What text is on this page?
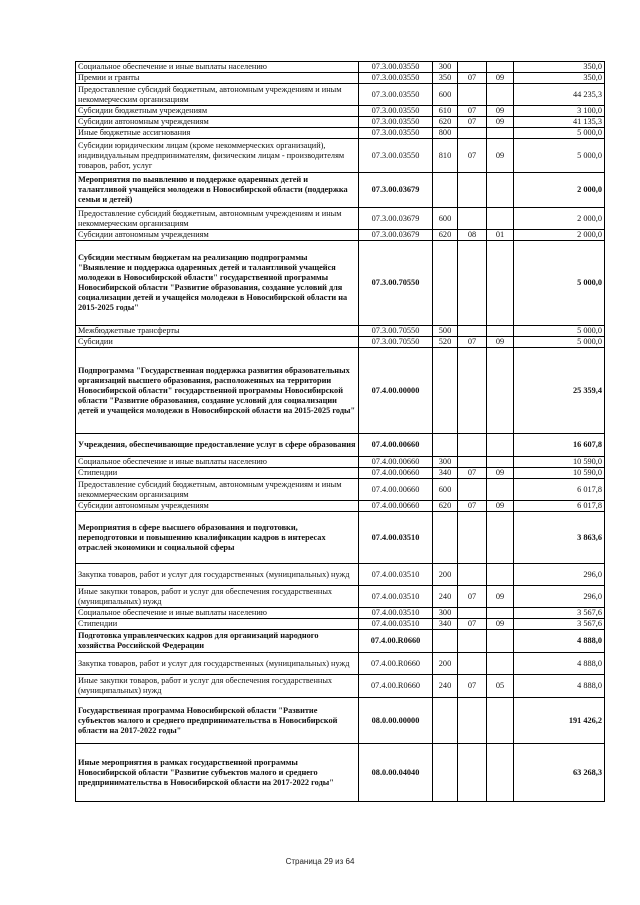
Социальное обеспечение и иные выплаты населению	07.3.00.03550	300			350,0
Премии и гранты	07.3.00.03550	350	07	09	350,0
Предоставление субсидий бюджетным, автономным учреждениям и иным некоммерческим организациям	07.3.00.03550	600			44 235,3
Субсидии бюджетным учреждениям	07.3.00.03550	610	07	09	3 100,0
Субсидии автономным учреждениям	07.3.00.03550	620	07	09	41 135,3
Иные бюджетные ассигнования	07.3.00.03550	800			5 000,0
Субсидии юридическим лицам (кроме некоммерческих организаций), индивидуальным предпринимателям, физическим лицам - производителям товаров, работ, услуг	07.3.00.03550	810	07	09	5 000,0
Мероприятия по выявлению и поддержке одаренных детей и талантливой учащейся молодежи в Новосибирской области (поддержка семьи и детей)	07.3.00.03679				2 000,0
Предоставление субсидий бюджетным, автономным учреждениям и иным некоммерческим организациям	07.3.00.03679	600			2 000,0
Субсидии автономным учреждениям	07.3.00.03679	620	08	01	2 000,0
Субсидии местным бюджетам на реализацию подпрограммы "Выявление и поддержка одаренных детей и талантливой учащейся молодежи в Новосибирской области" государственной программы Новосибирской области "Развитие образования, создание условий для социализации детей и учащейся молодежи в Новосибирской области на 2015-2025 годы"	07.3.00.70550				5 000,0
Межбюджетные трансферты	07.3.00.70550	500			5 000,0
Субсидии	07.3.00.70550	520	07	09	5 000,0
Подпрограмма "Государственная поддержка развития образовательных организаций высшего образования, расположенных на территории Новосибирской области" государственной программы Новосибирской области "Развитие образования, создание условий для социализации детей и учащейся молодежи в Новосибирской области на 2015-2025 годы"	07.4.00.00000				25 359,4
Учреждения, обеспечивающие предоставление услуг в сфере образования	07.4.00.00660				16 607,8
Социальное обеспечение и иные выплаты населению	07.4.00.00660	300			10 590,0
Стипендии	07.4.00.00660	340	07	09	10 590,0
Предоставление субсидий бюджетным, автономным учреждениям и иным некоммерческим организациям	07.4.00.00660	600			6 017,8
Субсидии автономным учреждениям	07.4.00.00660	620	07	09	6 017,8
Мероприятия в сфере высшего образования и подготовки, переподготовки и повышению квалификации кадров в интересах отраслей экономики и социальной сферы	07.4.00.03510				3 863,6
Закупка товаров, работ и услуг для государственных (муниципальных) нужд	07.4.00.03510	200			296,0
Иные закупки товаров, работ и услуг для обеспечения государственных (муниципальных) нужд	07.4.00.03510	240	07	09	296,0
Социальное обеспечение и иные выплаты населению	07.4.00.03510	300			3 567,6
Стипендии	07.4.00.03510	340	07	09	3 567,6
Подготовка управленческих кадров для организаций народного хозяйства Российской Федерации	07.4.00.R0660				4 888,0
Закупка товаров, работ и услуг для государственных (муниципальных) нужд	07.4.00.R0660	200			4 888,0
Иные закупки товаров, работ и услуг для обеспечения государственных (муниципальных) нужд	07.4.00.R0660	240	07	05	4 888,0
Государственная программа Новосибирской области "Развитие субъектов малого и среднего предпринимательства в Новосибирской области на 2017-2022 годы"	08.0.00.00000				191 426,2
Иные мероприятия в рамках государственной программы Новосибирской области "Развитие субъектов малого и среднего предпринимательства в Новосибирской области на 2017-2022 годы"	08.0.00.04040				63 268,3
Страница 29 из 64
